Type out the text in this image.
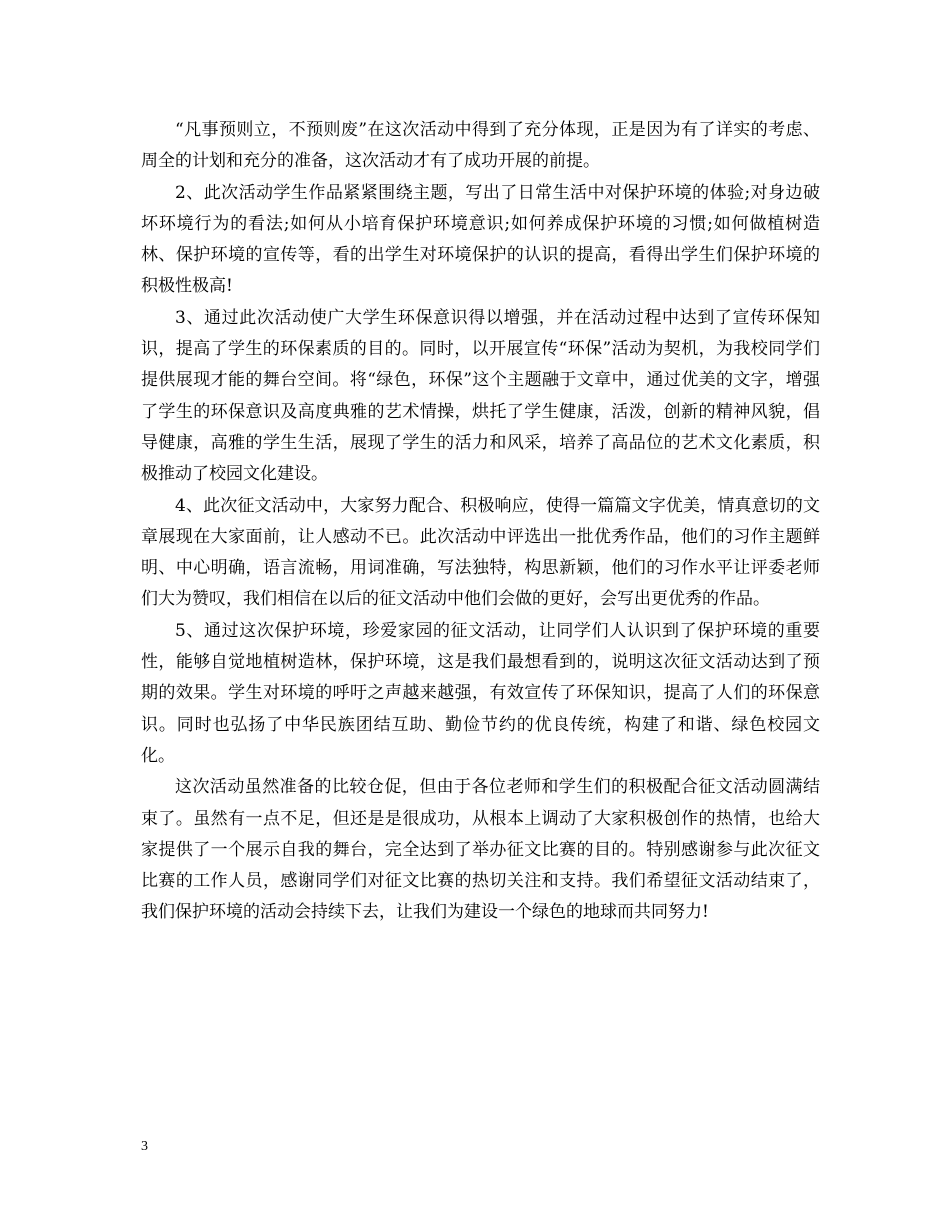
“凡事预则立，不预则废”在这次活动中得到了充分体现，正是因为有了详实的考虑、周全的计划和充分的准备，这次活动才有了成功开展的前提。

2、此次活动学生作品紧紧围绕主题，写出了日常生活中对保护环境的体验;对身边破坏环境行为的看法;如何从小培育保护环境意识;如何养成保护环境的习惯;如何做植树造林、保护环境的宣传等，看的出学生对环境保护的认识的提高，看得出学生们保护环境的积极性极高!

3、通过此次活动使广大学生环保意识得以增强，并在活动过程中达到了宣传环保知识，提高了学生的环保素质的目的。同时，以开展宣传“环保”活动为契机，为我校同学们提供展现才能的舞台空间。将“绿色，环保”这个主题融于文章中，通过优美的文字，增强了学生的环保意识及高度典雅的艺术情操，烘托了学生健康，活泼，创新的精神风貌，倡导健康，高雅的学生生活，展现了学生的活力和风采，培养了高品位的艺术文化素质，积极推动了校园文化建设。

4、此次征文活动中，大家努力配合、积极响应，使得一篇篇文字优美，情真意切的文章展现在大家面前，让人感动不已。此次活动中评选出一批优秀作品，他们的习作主题鲜明、中心明确，语言流畅，用词准确，写法独特，构思新颖，他们的习作水平让评委老师们大为赞叹，我们相信在以后的征文活动中他们会做的更好，会写出更优秀的作品。

5、通过这次保护环境，珍爱家园的征文活动，让同学们人认识到了保护环境的重要性，能够自觉地植树造林，保护环境，这是我们最想看到的，说明这次征文活动达到了预期的效果。学生对环境的呼吁之声越来越强，有效宣传了环保知识，提高了人们的环保意识。同时也弘扬了中华民族团结互助、勤俭节约的优良传统，构建了和谐、绿色校园文化。

这次活动虽然准备的比较仓促，但由于各位老师和学生们的积极配合征文活动圆满结束了。虽然有一点不足，但还是是很成功，从根本上调动了大家积极创作的热情，也给大家提供了一个展示自我的舞台，完全达到了举办征文比赛的目的。特别感谢参与此次征文比赛的工作人员，感谢同学们对征文比赛的热切关注和支持。我们希望征文活动结束了，我们保护环境的活动会持续下去，让我们为建设一个绿色的地球而共同努力!

3
